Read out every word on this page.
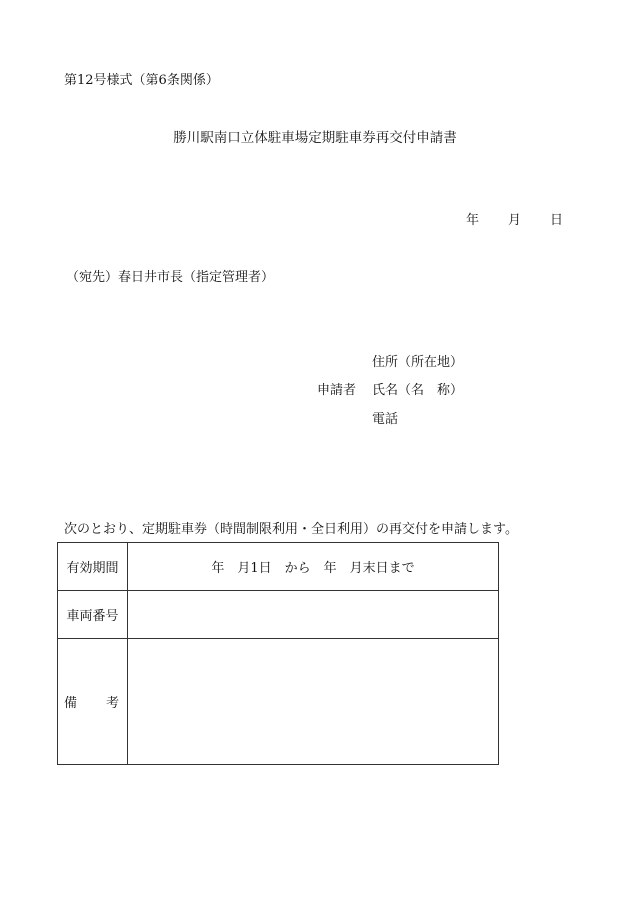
第12号様式（第6条関係）
勝川駅南口立体駐車場定期駐車券再交付申請書
年 月 日
（宛先）春日井市長（指定管理者）
申請者
住所（所在地）
氏名（名　称）
電話
次のとおり、定期駐車券（時間制限利用・全日利用）の再交付を申請します。
有効期間	年　月1日　から　年　月末日まで
車両番号	

備 考	
